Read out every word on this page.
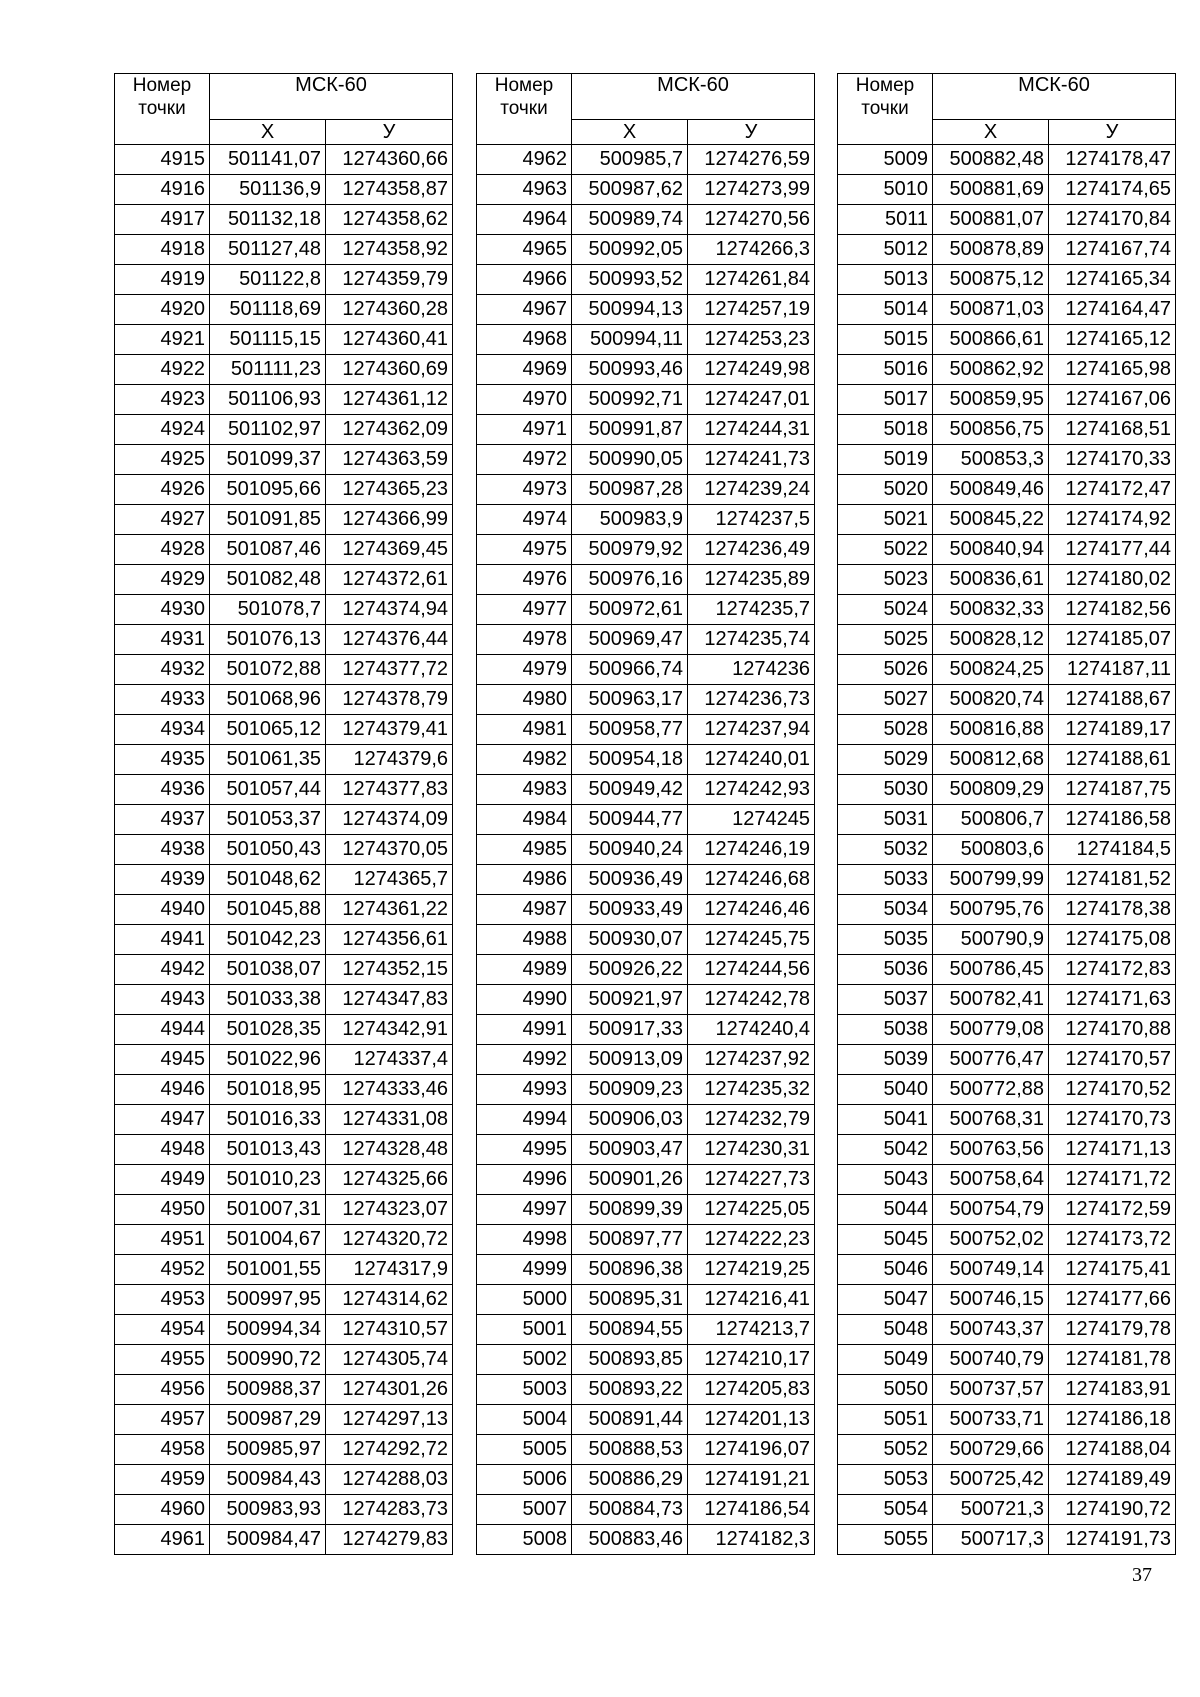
Номер точки	МСК-60	
	X	У
4915	501141,07	1274360,66
4916	501136,9	1274358,87
4917	501132,18	1274358,62
4918	501127,48	1274358,92
4919	501122,8	1274359,79
4920	501118,69	1274360,28
4921	501115,15	1274360,41
4922	501111,23	1274360,69
4923	501106,93	1274361,12
4924	501102,97	1274362,09
4925	501099,37	1274363,59
4926	501095,66	1274365,23
4927	501091,85	1274366,99
4928	501087,46	1274369,45
4929	501082,48	1274372,61
4930	501078,7	1274374,94
4931	501076,13	1274376,44
4932	501072,88	1274377,72
4933	501068,96	1274378,79
4934	501065,12	1274379,41
4935	501061,35	1274379,6
4936	501057,44	1274377,83
4937	501053,37	1274374,09
4938	501050,43	1274370,05
4939	501048,62	1274365,7
4940	501045,88	1274361,22
4941	501042,23	1274356,61
4942	501038,07	1274352,15
4943	501033,38	1274347,83
4944	501028,35	1274342,91
4945	501022,96	1274337,4
4946	501018,95	1274333,46
4947	501016,33	1274331,08
4948	501013,43	1274328,48
4949	501010,23	1274325,66
4950	501007,31	1274323,07
4951	501004,67	1274320,72
4952	501001,55	1274317,9
4953	500997,95	1274314,62
4954	500994,34	1274310,57
4955	500990,72	1274305,74
4956	500988,37	1274301,26
4957	500987,29	1274297,13
4958	500985,97	1274292,72
4959	500984,43	1274288,03
4960	500983,93	1274283,73
4961	500984,47	1274279,83
Номер точки	МСК-60	
	X	У
4962	500985,7	1274276,59
4963	500987,62	1274273,99
4964	500989,74	1274270,56
4965	500992,05	1274266,3
4966	500993,52	1274261,84
4967	500994,13	1274257,19
4968	500994,11	1274253,23
4969	500993,46	1274249,98
4970	500992,71	1274247,01
4971	500991,87	1274244,31
4972	500990,05	1274241,73
4973	500987,28	1274239,24
4974	500983,9	1274237,5
4975	500979,92	1274236,49
4976	500976,16	1274235,89
4977	500972,61	1274235,7
4978	500969,47	1274235,74
4979	500966,74	1274236
4980	500963,17	1274236,73
4981	500958,77	1274237,94
4982	500954,18	1274240,01
4983	500949,42	1274242,93
4984	500944,77	1274245
4985	500940,24	1274246,19
4986	500936,49	1274246,68
4987	500933,49	1274246,46
4988	500930,07	1274245,75
4989	500926,22	1274244,56
4990	500921,97	1274242,78
4991	500917,33	1274240,4
4992	500913,09	1274237,92
4993	500909,23	1274235,32
4994	500906,03	1274232,79
4995	500903,47	1274230,31
4996	500901,26	1274227,73
4997	500899,39	1274225,05
4998	500897,77	1274222,23
4999	500896,38	1274219,25
5000	500895,31	1274216,41
5001	500894,55	1274213,7
5002	500893,85	1274210,17
5003	500893,22	1274205,83
5004	500891,44	1274201,13
5005	500888,53	1274196,07
5006	500886,29	1274191,21
5007	500884,73	1274186,54
5008	500883,46	1274182,3
Номер точки	МСК-60	
	X	У
5009	500882,48	1274178,47
5010	500881,69	1274174,65
5011	500881,07	1274170,84
5012	500878,89	1274167,74
5013	500875,12	1274165,34
5014	500871,03	1274164,47
5015	500866,61	1274165,12
5016	500862,92	1274165,98
5017	500859,95	1274167,06
5018	500856,75	1274168,51
5019	500853,3	1274170,33
5020	500849,46	1274172,47
5021	500845,22	1274174,92
5022	500840,94	1274177,44
5023	500836,61	1274180,02
5024	500832,33	1274182,56
5025	500828,12	1274185,07
5026	500824,25	1274187,11
5027	500820,74	1274188,67
5028	500816,88	1274189,17
5029	500812,68	1274188,61
5030	500809,29	1274187,75
5031	500806,7	1274186,58
5032	500803,6	1274184,5
5033	500799,99	1274181,52
5034	500795,76	1274178,38
5035	500790,9	1274175,08
5036	500786,45	1274172,83
5037	500782,41	1274171,63
5038	500779,08	1274170,88
5039	500776,47	1274170,57
5040	500772,88	1274170,52
5041	500768,31	1274170,73
5042	500763,56	1274171,13
5043	500758,64	1274171,72
5044	500754,79	1274172,59
5045	500752,02	1274173,72
5046	500749,14	1274175,41
5047	500746,15	1274177,66
5048	500743,37	1274179,78
5049	500740,79	1274181,78
5050	500737,57	1274183,91
5051	500733,71	1274186,18
5052	500729,66	1274188,04
5053	500725,42	1274189,49
5054	500721,3	1274190,72
5055	500717,3	1274191,73
37
